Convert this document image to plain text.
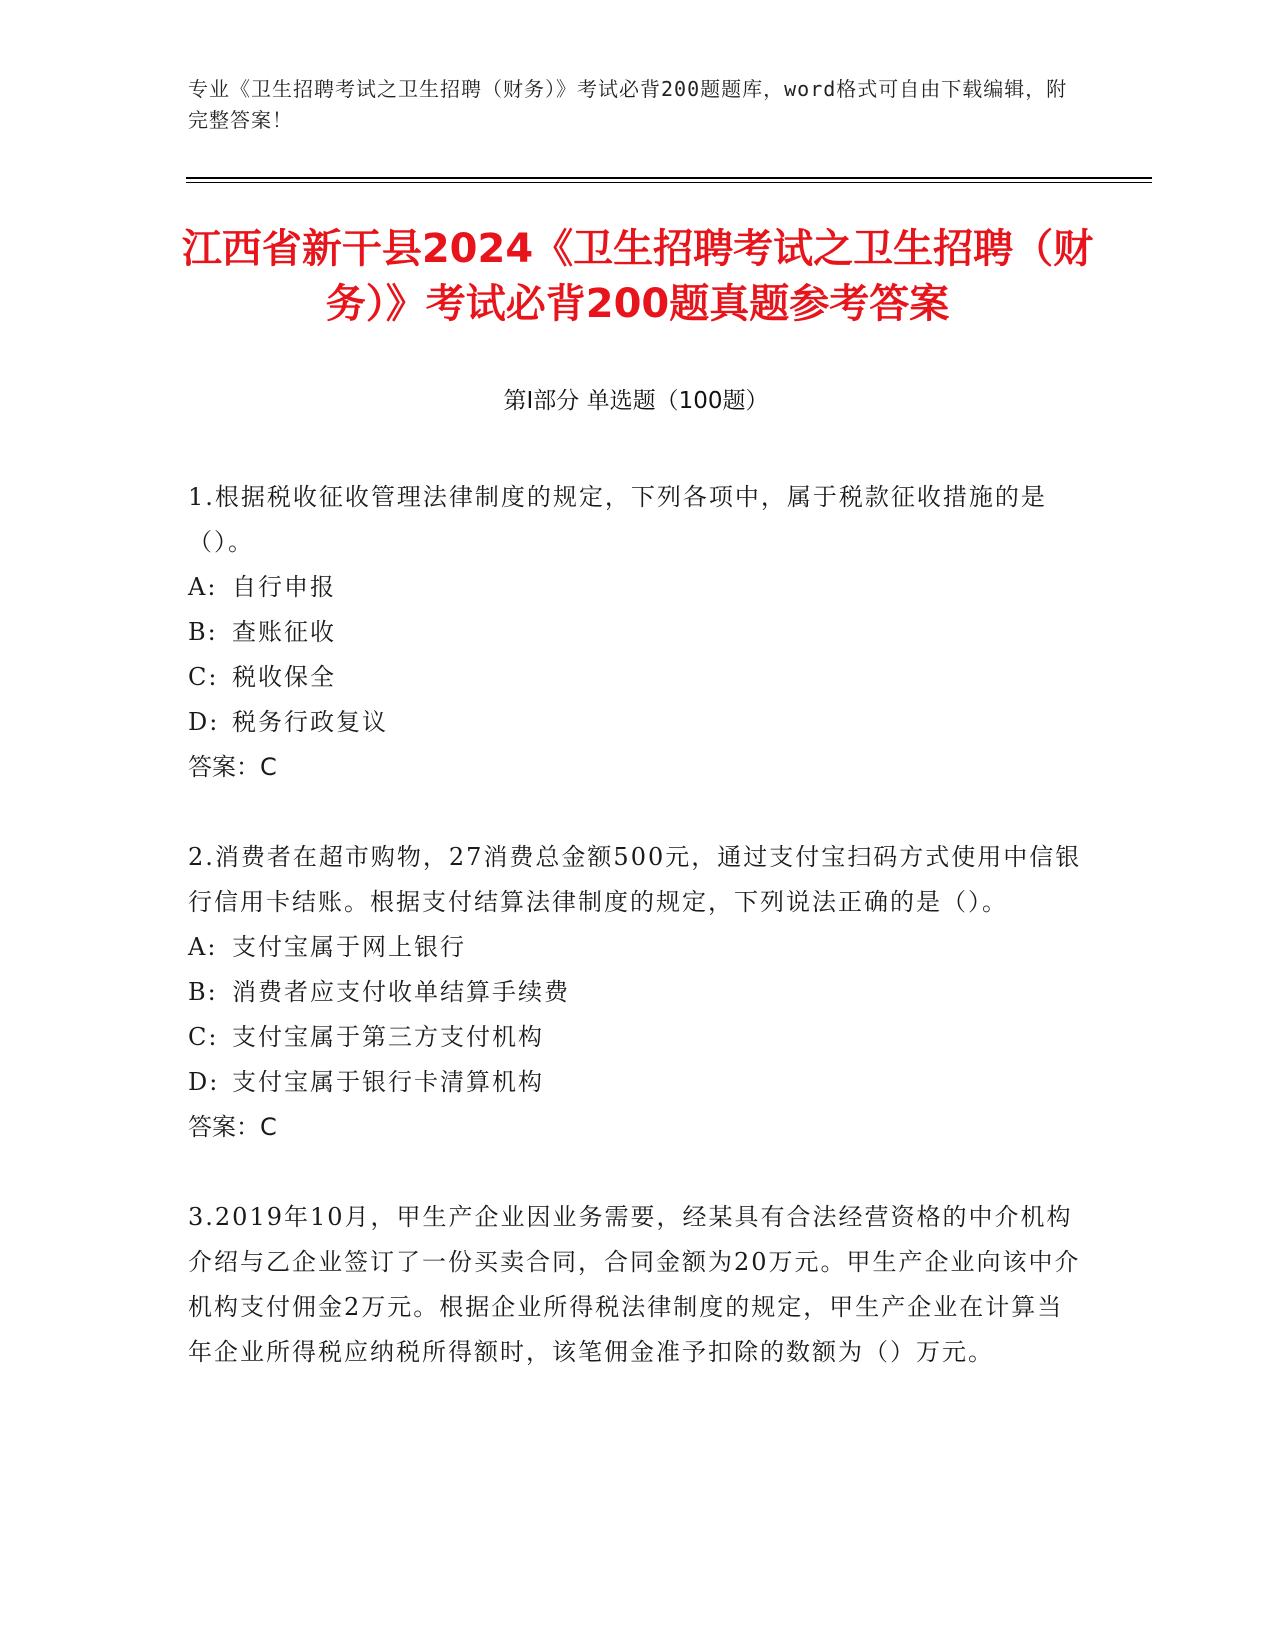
专业《卫生招聘考试之卫生招聘（财务）》考试必背200题题库，word格式可自由下载编辑，附完整答案！
江西省新干县2024《卫生招聘考试之卫生招聘（财务）》考试必背200题真题参考答案
第Ⅰ部分 单选题（100题）

1.根据税收征收管理法律制度的规定，下列各项中，属于税款征收措施的是（）。

A: 自行申报

B: 查账征收

C: 税收保全

D: 税务行政复议

答案：C

2.消费者在超市购物，27消费总金额500元，通过支付宝扫码方式使用中信银行信用卡结账。根据支付结算法律制度的规定，下列说法正确的是（）。

A: 支付宝属于网上银行

B: 消费者应支付收单结算手续费

C: 支付宝属于第三方支付机构

D: 支付宝属于银行卡清算机构

答案：C

3.2019年10月，甲生产企业因业务需要，经某具有合法经营资格的中介机构介绍与乙企业签订了一份买卖合同，合同金额为20万元。甲生产企业向该中介机构支付佣金2万元。根据企业所得税法律制度的规定，甲生产企业在计算当年企业所得税应纳税所得额时，该笔佣金准予扣除的数额为（）万元。
